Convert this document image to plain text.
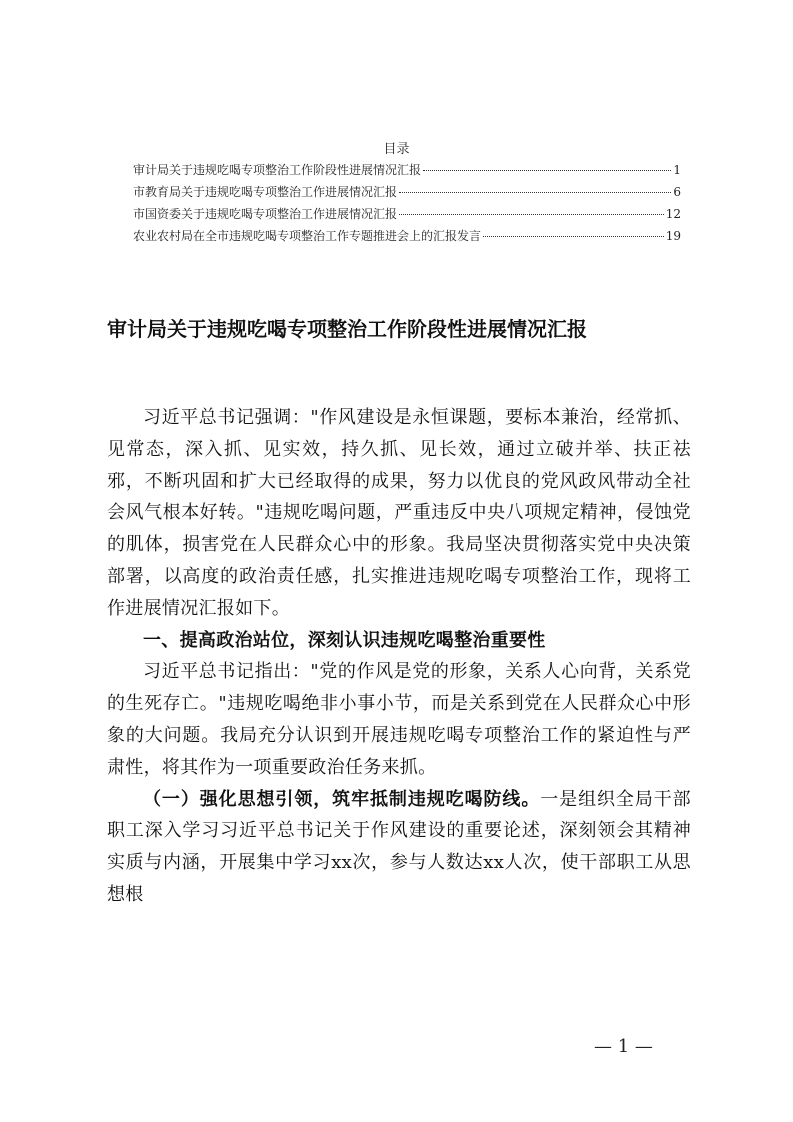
目录
审计局关于违规吃喝专项整治工作阶段性进展情况汇报	1
市教育局关于违规吃喝专项整治工作进展情况汇报	6
市国资委关于违规吃喝专项整治工作进展情况汇报	12
农业农村局在全市违规吃喝专项整治工作专题推进会上的汇报发言	19
审计局关于违规吃喝专项整治工作阶段性进展情况汇报

习近平总书记强调："作风建设是永恒课题，要标本兼治，经常抓、见常态，深入抓、见实效，持久抓、见长效，通过立破并举、扶正祛邪，不断巩固和扩大已经取得的成果，努力以优良的党风政风带动全社会风气根本好转。"违规吃喝问题，严重违反中央八项规定精神，侵蚀党的肌体，损害党在人民群众心中的形象。我局坚决贯彻落实党中央决策部署，以高度的政治责任感，扎实推进违规吃喝专项整治工作，现将工作进展情况汇报如下。

一、提高政治站位，深刻认识违规吃喝整治重要性

习近平总书记指出："党的作风是党的形象，关系人心向背，关系党的生死存亡。"违规吃喝绝非小事小节，而是关系到党在人民群众心中形象的大问题。我局充分认识到开展违规吃喝专项整治工作的紧迫性与严肃性，将其作为一项重要政治任务来抓。

（一）强化思想引领，筑牢抵制违规吃喝防线。一是组织全局干部职工深入学习习近平总书记关于作风建设的重要论述，深刻领会其精神实质与内涵，开展集中学习xx次，参与人数达xx人次，使干部职工从思想根

— 1 —
